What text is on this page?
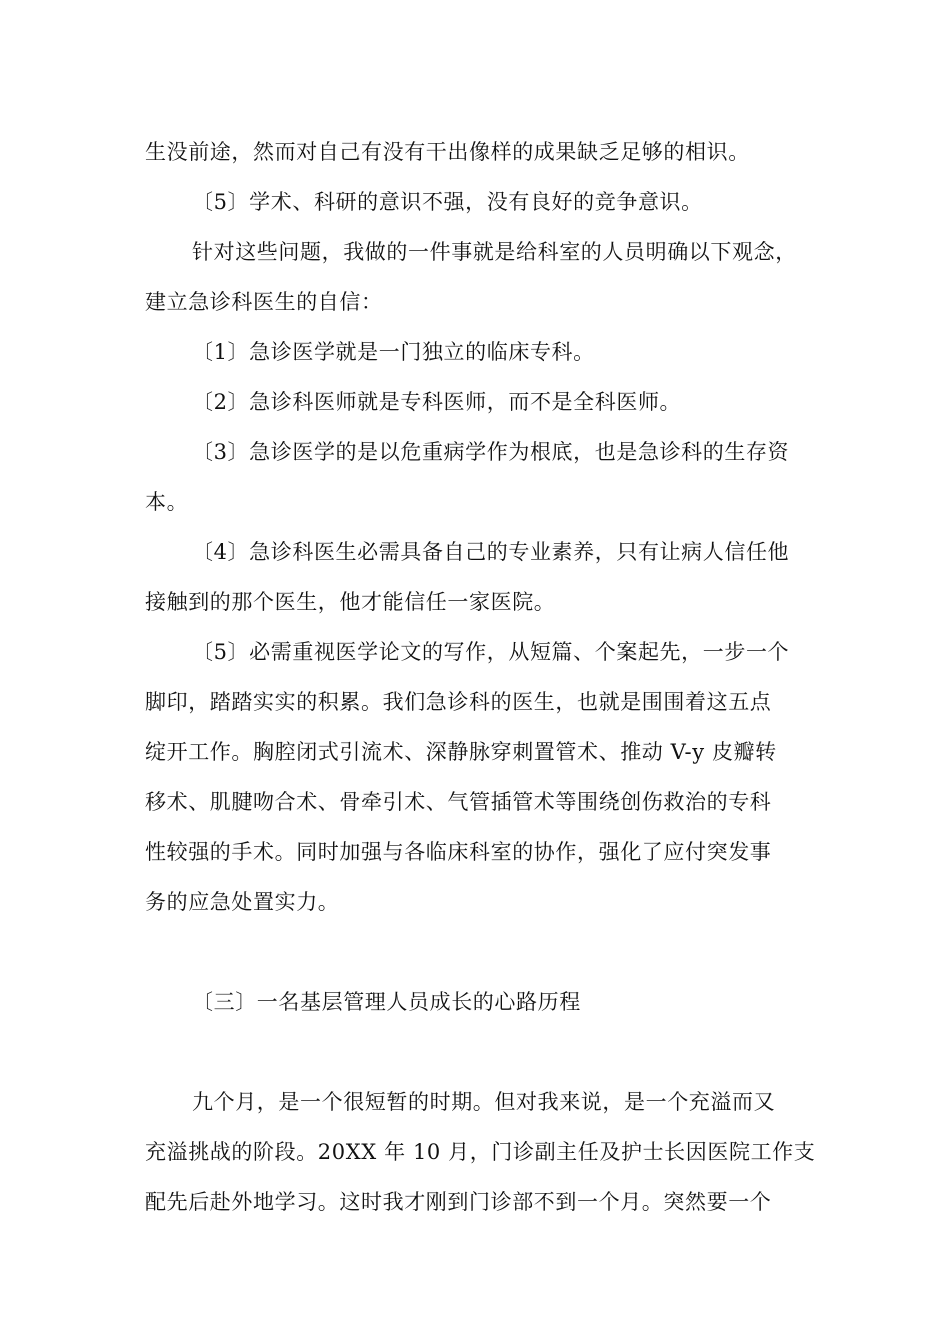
生没前途，然而对自己有没有干出像样的成果缺乏足够的相识。
〔5〕学术、科研的意识不强，没有良好的竞争意识。
针对这些问题，我做的一件事就是给科室的人员明确以下观念，
建立急诊科医生的自信：
〔1〕急诊医学就是一门独立的临床专科。
〔2〕急诊科医师就是专科医师，而不是全科医师。
〔3〕急诊医学的是以危重病学作为根底，也是急诊科的生存资
本。
〔4〕急诊科医生必需具备自己的专业素养，只有让病人信任他
接触到的那个医生，他才能信任一家医院。
〔5〕必需重视医学论文的写作，从短篇、个案起先，一步一个
脚印，踏踏实实的积累。我们急诊科的医生，也就是围围着这五点
绽开工作。胸腔闭式引流术、深静脉穿刺置管术、推动 V-y 皮瓣转
移术、肌腱吻合术、骨牵引术、气管插管术等围绕创伤救治的专科
性较强的手术。同时加强与各临床科室的协作，强化了应付突发事
务的应急处置实力。
〔三〕一名基层管理人员成长的心路历程
九个月，是一个很短暂的时期。但对我来说，是一个充溢而又
充溢挑战的阶段。20XX 年 10 月，门诊副主任及护士长因医院工作支
配先后赴外地学习。这时我才刚到门诊部不到一个月。突然要一个
